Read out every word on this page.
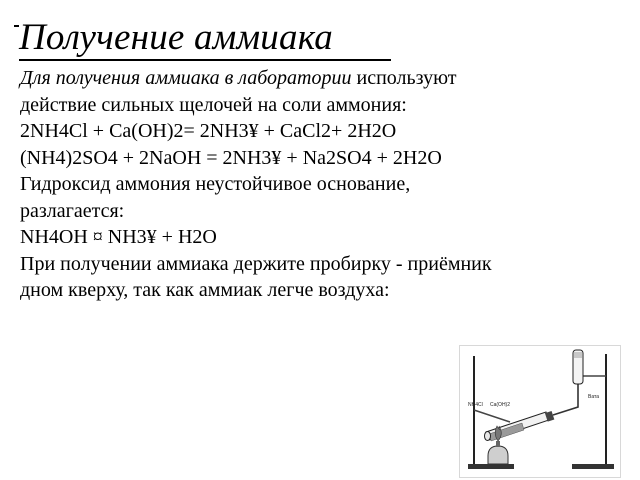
Получение аммиака
Для получения аммиака в лаборатории используют
действие сильных щелочей на соли аммония:
2NH4Cl + Ca(OH)2= 2NH3¥ + CaCl2+ 2H2O
(NH4)2SO4 + 2NaOH = 2NH3¥ + Na2SO4 + 2H2O
Гидроксид аммония неустойчивое основание,
разлагается:
NH4OH ¤ NH3¥ + H2O
При получении аммиака держите пробирку - приёмник
дном кверху, так как аммиак легче воздуха:
NH4Cl Ca(OH)2
Вата
